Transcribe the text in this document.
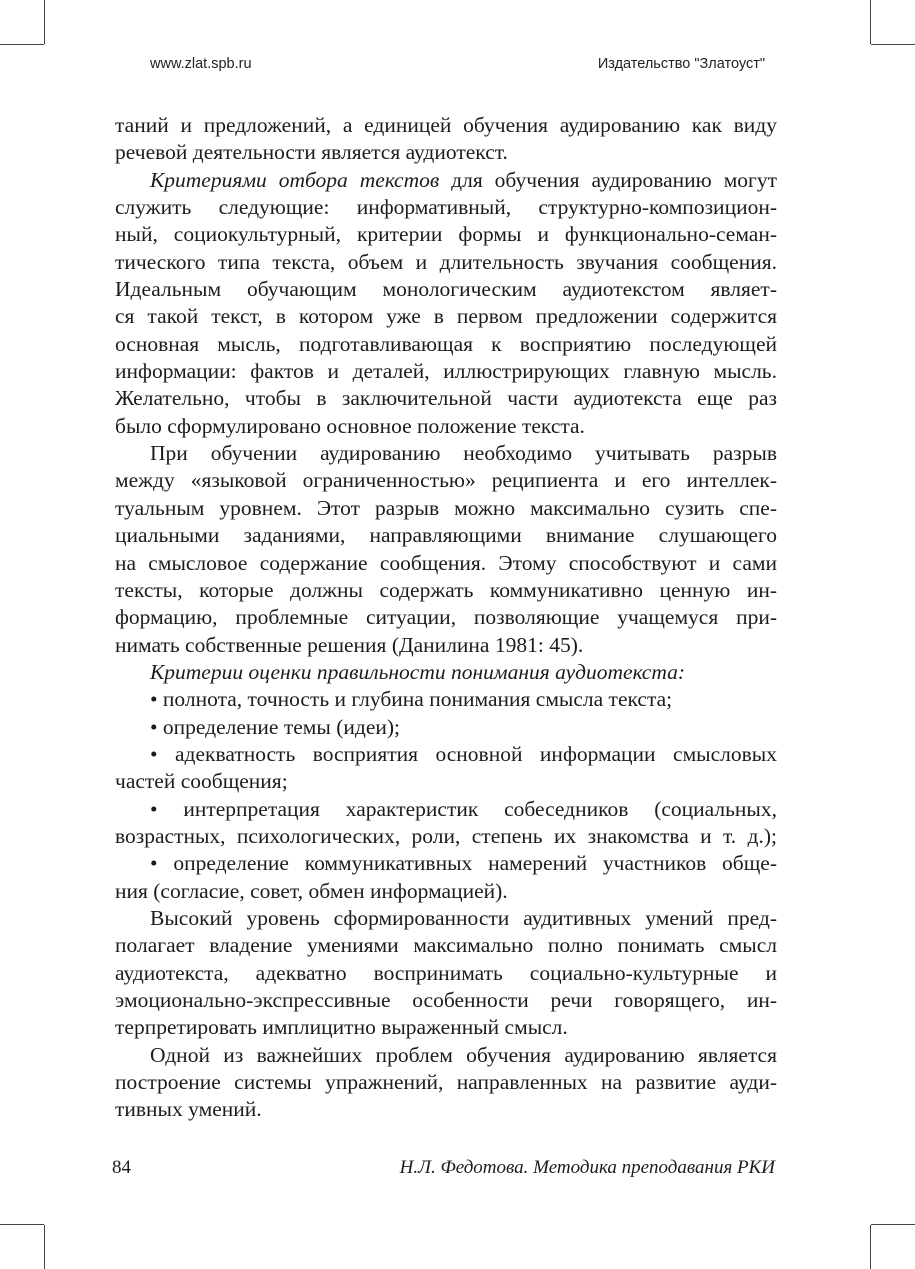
www.zlat.spb.ru	Издательство "Златоуст"
таний и предложений, а единицей обучения аудированию как виду
речевой деятельности является аудиотекст.
Критериями отбора текстов для обучения аудированию могут
служить следующие: информативный, структурно-композицион-
ный, социокультурный, критерии формы и функционально-семан-
тического типа текста, объем и длительность звучания сообщения.
Идеальным обучающим монологическим аудиотекстом являет-
ся такой текст, в котором уже в первом предложении содержится
основная мысль, подготавливающая к восприятию последующей
информации: фактов и деталей, иллюстрирующих главную мысль.
Желательно, чтобы в заключительной части аудиотекста еще раз
было сформулировано основное положение текста.
При обучении аудированию необходимо учитывать разрыв
между «языковой ограниченностью» реципиента и его интеллек-
туальным уровнем. Этот разрыв можно максимально сузить спе-
циальными заданиями, направляющими внимание слушающего
на смысловое содержание сообщения. Этому способствуют и сами
тексты, которые должны содержать коммуникативно ценную ин-
формацию, проблемные ситуации, позволяющие учащемуся при-
нимать собственные решения (Данилина 1981: 45).
Критерии оценки правильности понимания аудиотекста:
• полнота, точность и глубина понимания смысла текста;
• определение темы (идеи);
• адекватность восприятия основной информации смысловых
частей сообщения;
• интерпретация характеристик собеседников (социальных,
возрастных, психологических, роли, степень их знакомства и т. д.);
• определение коммуникативных намерений участников обще-
ния (согласие, совет, обмен информацией).
Высокий уровень сформированности аудитивных умений пред-
полагает владение умениями максимально полно понимать смысл
аудиотекста, адекватно воспринимать социально-культурные и
эмоционально-экспрессивные особенности речи говорящего, ин-
терпретировать имплицитно выраженный смысл.
Одной из важнейших проблем обучения аудированию является
построение системы упражнений, направленных на развитие ауди-
тивных умений.
84	Н.Л. Федотова. Методика преподавания РКИ
